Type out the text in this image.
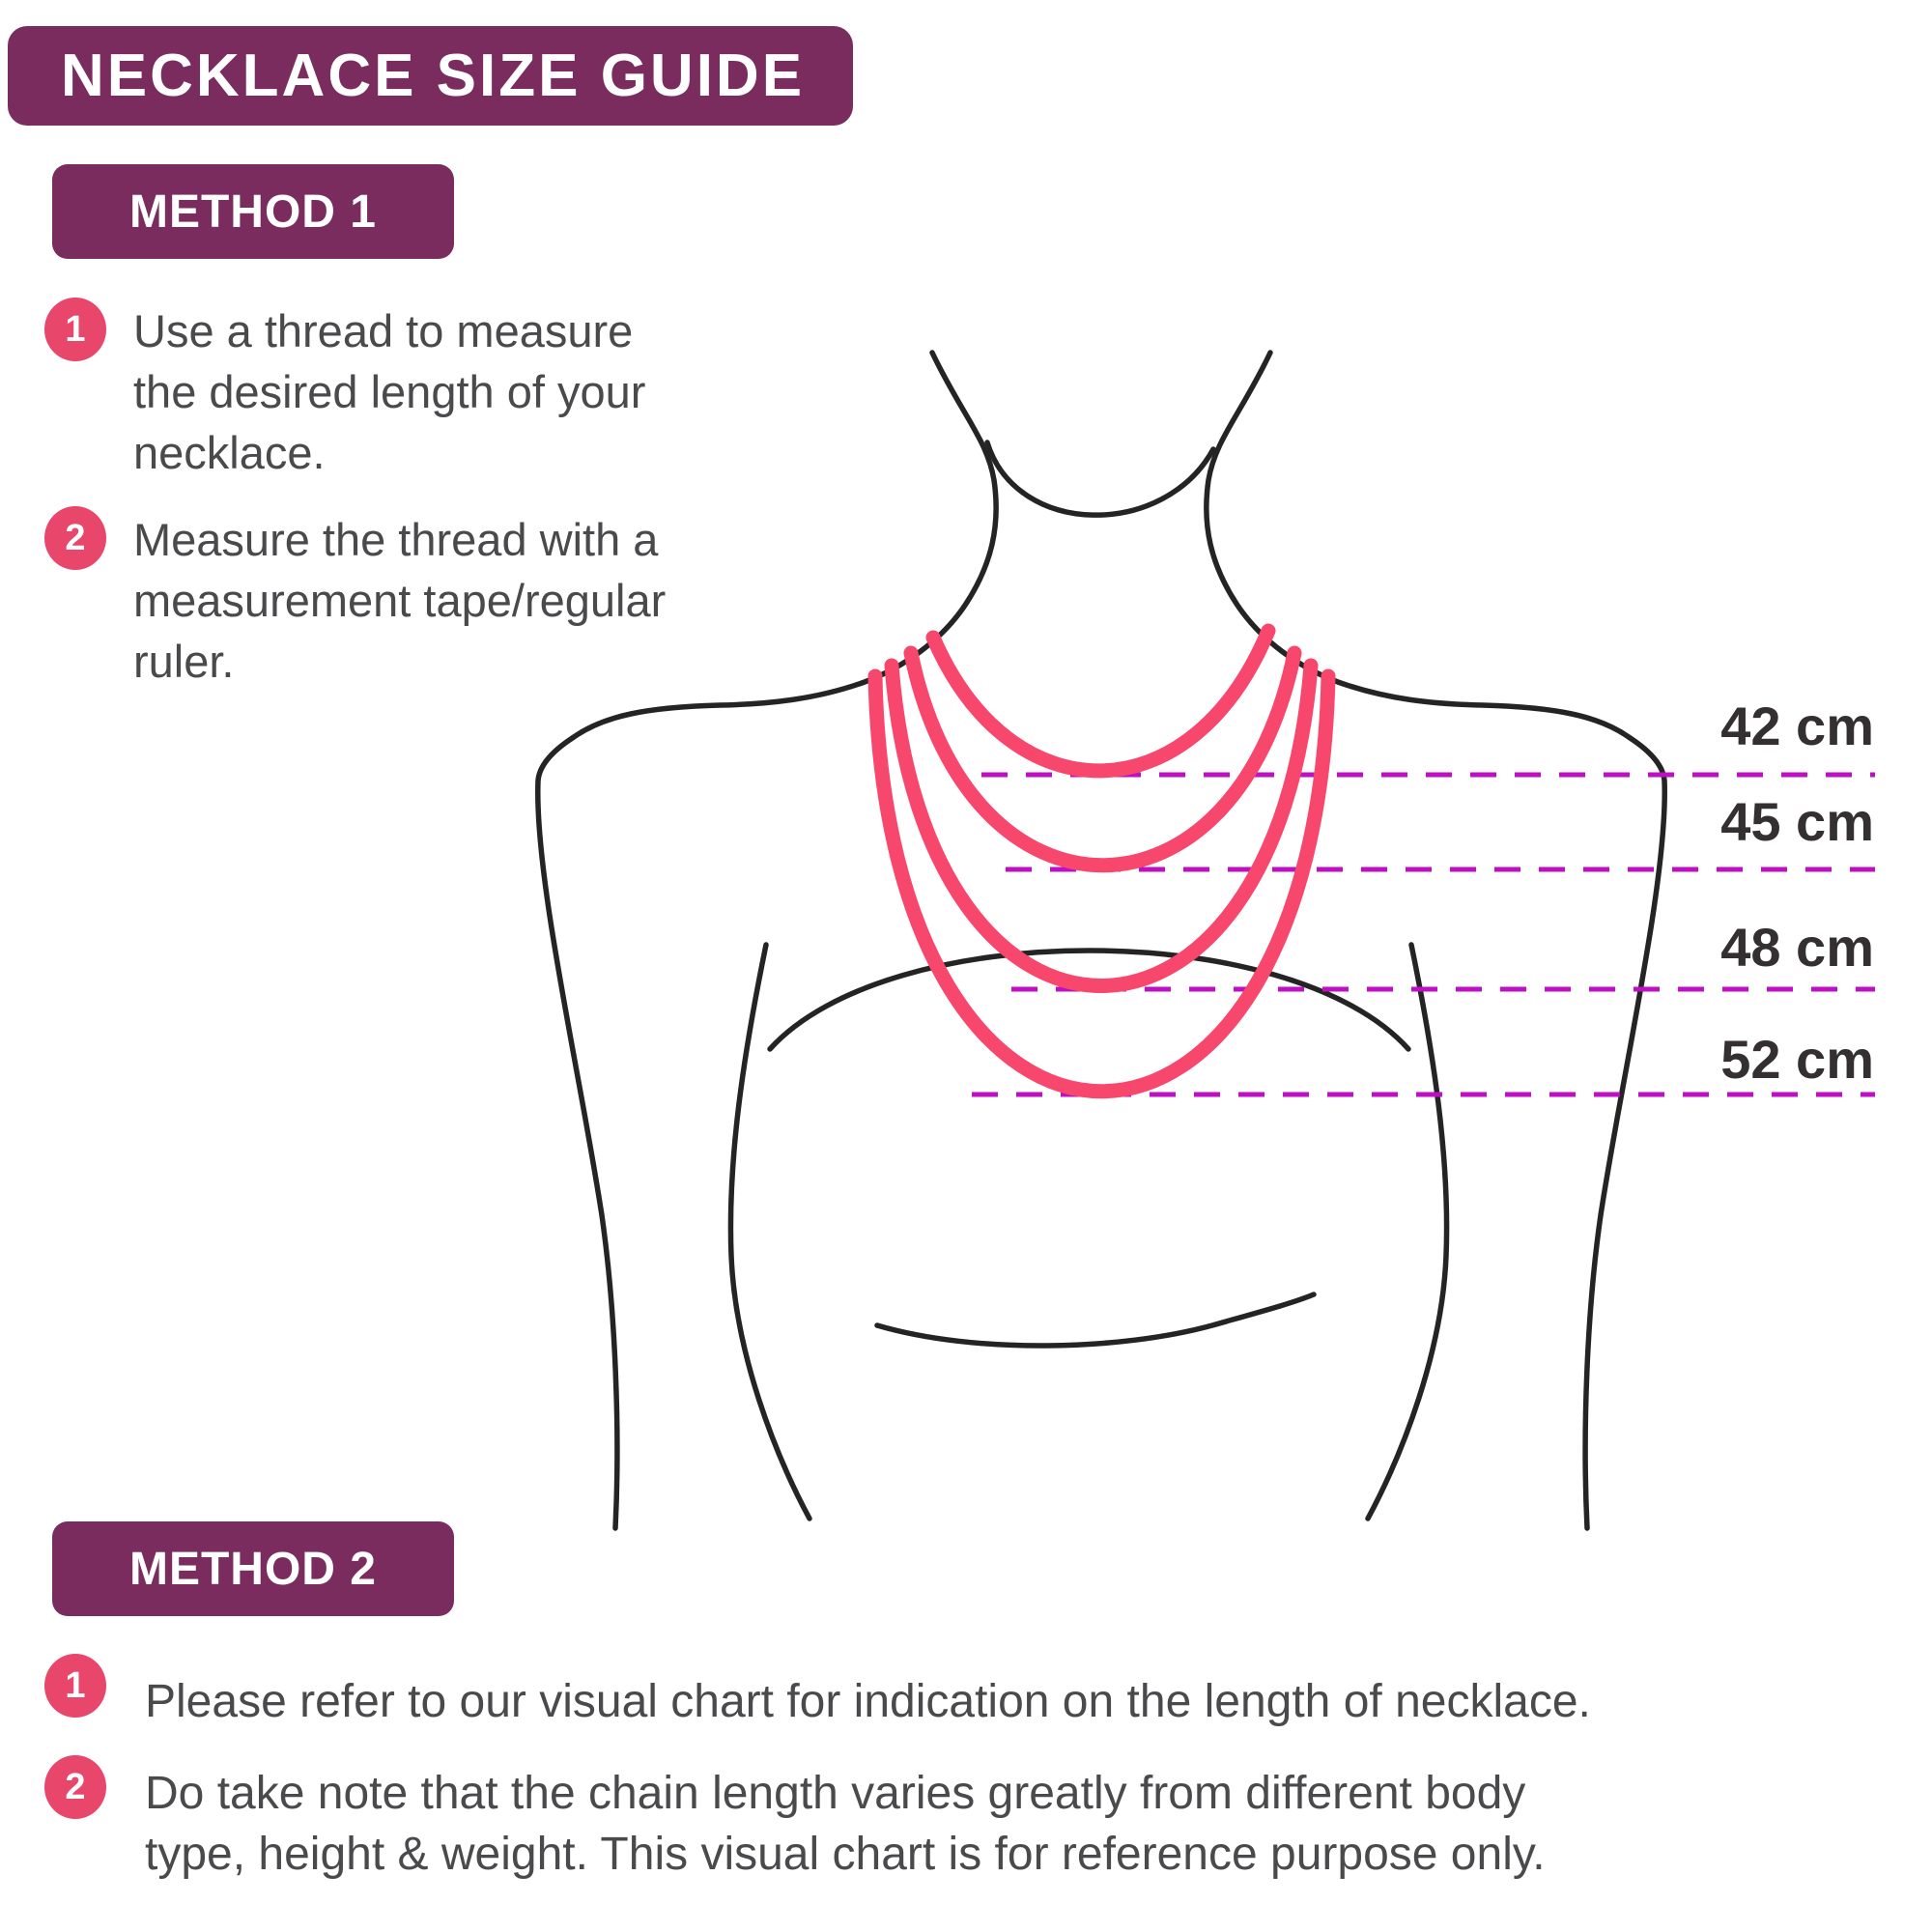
NECKLACE SIZE GUIDE
METHOD 1
1	Use a thread to measure
the desired length of your
necklace.
2	Measure the thread with a
measurement tape/regular
ruler.
42 cm
45 cm
48 cm
52 cm
METHOD 2
1	Please refer to our visual chart for indication on the length of necklace.
2	Do take note that the chain length varies greatly from different body
type, height & weight. This visual chart is for reference purpose only.
